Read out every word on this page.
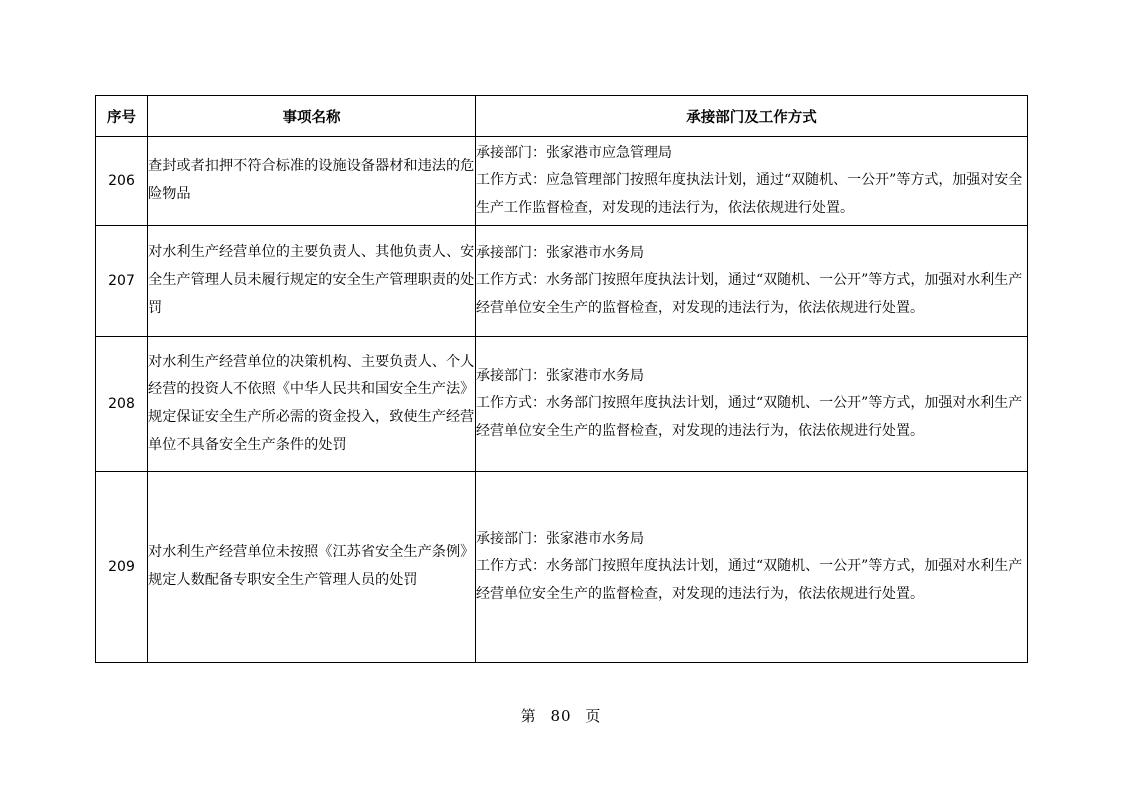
序号	事项名称	承接部门及工作方式
206	查封或者扣押不符合标准的设施设备器材和违法的危险物品	承接部门：张家港市应急管理局
工作方式：应急管理部门按照年度执法计划，通过“双随机、一公开”等方式，加强对安全生产工作监督检查，对发现的违法行为，依法依规进行处置。
207	对水利生产经营单位的主要负责人、其他负责人、安全生产管理人员未履行规定的安全生产管理职责的处罚	承接部门：张家港市水务局
工作方式：水务部门按照年度执法计划，通过“双随机、一公开”等方式，加强对水利生产经营单位安全生产的监督检查，对发现的违法行为，依法依规进行处置。
208	对水利生产经营单位的决策机构、主要负责人、个人经营的投资人不依照《中华人民共和国安全生产法》规定保证安全生产所必需的资金投入，致使生产经营单位不具备安全生产条件的处罚	承接部门：张家港市水务局
工作方式：水务部门按照年度执法计划，通过“双随机、一公开”等方式，加强对水利生产经营单位安全生产的监督检查，对发现的违法行为，依法依规进行处置。
209	对水利生产经营单位未按照《江苏省安全生产条例》规定人数配备专职安全生产管理人员的处罚	承接部门：张家港市水务局
工作方式：水务部门按照年度执法计划，通过“双随机、一公开”等方式，加强对水利生产经营单位安全生产的监督检查，对发现的违法行为，依法依规进行处置。
第 80 页
